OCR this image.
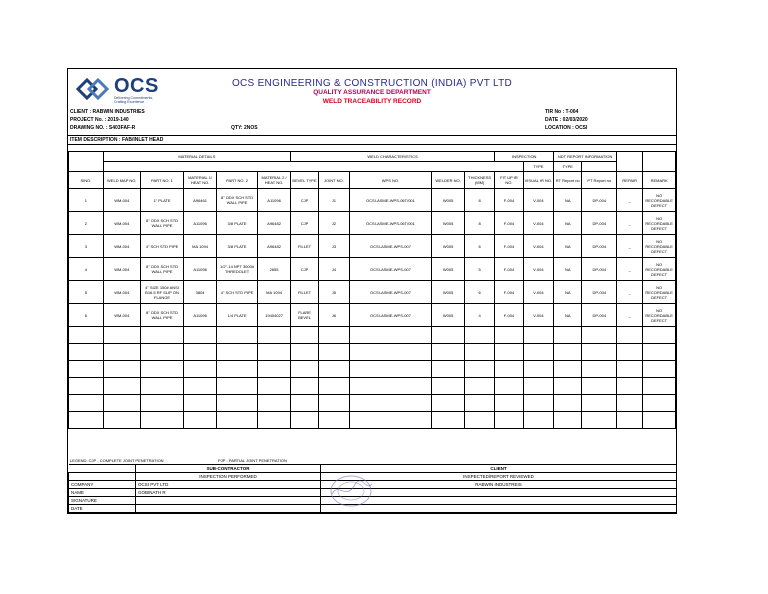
OCS
Delivering Commitments, Crafting Excellence
OCS ENGINEERING & CONSTRUCTION (INDIA) PVT LTD
QUALITY ASSURANCE DEPARTMENT
WELD TRACEABILITY RECORD
CLIENT : RABWIN INDUSTRIES
PROJECT No. : 2019-140
DRAWING NO. : S403FAF-R	QTY: 2NOS
TIR No : T-004
DATE : 02/03/2020
LOCATION : OCSI
ITEM DESCRIPTION : FAB/INLET HEAD
	MATERIAL DETAILS					WELD CHARACTERISTICS					INSPECTION		NDT REPORT INFORMATION			
												TYPE	TYPE			
SINO.	WELD MAP NO.	PART NO. 1	MATERIAL 1/ HEAT NO.	PART NO. 2	MATERIAL 2 / HEAT NO.	BEVEL TYPE	JOINT NO.	WPS NO.	WELDER NO.	THICKNESS (MM)	FIT UP IR NO.	VISUAL IR NO.	RT Report no	PT Report no	REPAIR	REMARK
1	WM-004	1" PLATE	A96461	8" ODX SCH STD WALL PIPE	A11096	CJP	J1	OCSI-ASME-WPS-06T/001	W005	8	F-004	V-004	NA	DP-004	_	NO RECORDABLE DEFECT
2	WM-004	8" ODX SCH STD WALL PIPE	A11096	3/8 PLATE	A96482	CJP	J2	OCSI-ASME-WPS-06T/001	W005	8	F-004	V-004	NA	DP-004	_	NO RECORDABLE DEFECT
3	WM-004	4" SCH STD PIPE	MA 1094	3/8 PLATE	A96482	FILLET	J3	OCSI-ASME-WPS-007	W005	6	F-004	V-004	NA	DP-004	_	NO RECORDABLE DEFECT
4	WM-004	8" ODX SCH STD WALL PIPE	A11096	1/2"-14 NPT 3000# THREDOLET	2655	CJP	J4	OCSI-ASME-WPS-007	W005	5	F-004	V-004	NA	DP-004	_	NO RECORDABLE DEFECT
5	WM-004	4" SIZE 150# ANSI B16.5 RF SLIP ON FLANGE	3804	4" SCH STD PIPE	MA 1094	FILLET	J5	OCSI-ASME-WPS-007	W005	6	F-004	V-004	NA	DP-004	_	NO RECORDABLE DEFECT
6	WM-004	8" ODX SCH STD WALL PIPE	A11096	1/4 PLATE	19404027	FLARE BEVEL	J6	OCSI-ASME-WPS-007	W005	4	F-004	V-004	NA	DP-004	_	NO RECORDABLE DEFECT

LEGEND: CJP - COMPLETE JOINT PENETRATION	PJP - PARTIAL JOINT PENETRATION
	SUB-CONTRACTOR	CLIENT
	INSPECTION PERFORMED	INSPECTED/REPORT REVIEWED
COMPANY	OCSI PVT LTD	RABWIN INDUSTREIS
NAME	GOBINATH R	
SIGNATURE		
DATE		
